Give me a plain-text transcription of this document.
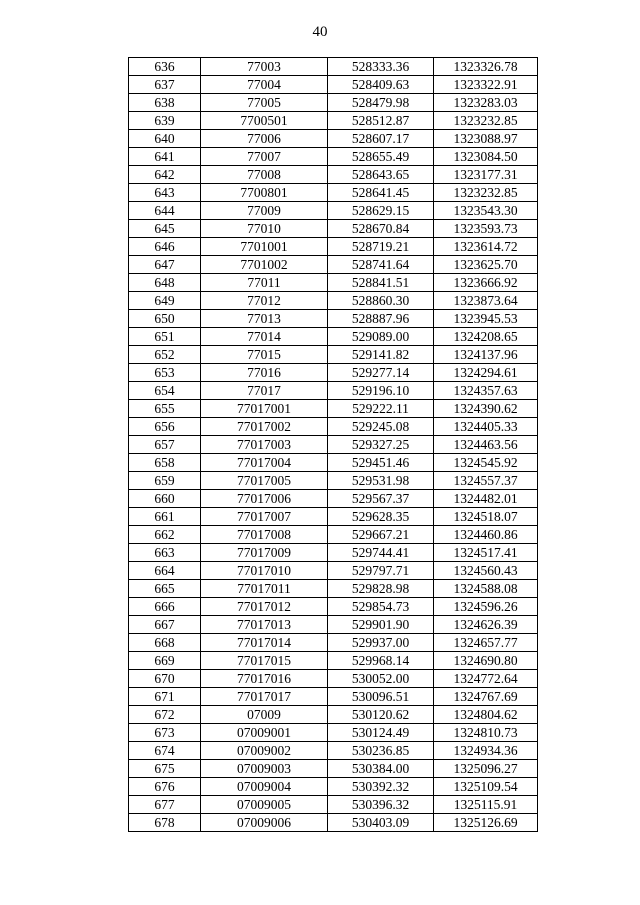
40
636	77003	528333.36	1323326.78
637	77004	528409.63	1323322.91
638	77005	528479.98	1323283.03
639	7700501	528512.87	1323232.85
640	77006	528607.17	1323088.97
641	77007	528655.49	1323084.50
642	77008	528643.65	1323177.31
643	7700801	528641.45	1323232.85
644	77009	528629.15	1323543.30
645	77010	528670.84	1323593.73
646	7701001	528719.21	1323614.72
647	7701002	528741.64	1323625.70
648	77011	528841.51	1323666.92
649	77012	528860.30	1323873.64
650	77013	528887.96	1323945.53
651	77014	529089.00	1324208.65
652	77015	529141.82	1324137.96
653	77016	529277.14	1324294.61
654	77017	529196.10	1324357.63
655	77017001	529222.11	1324390.62
656	77017002	529245.08	1324405.33
657	77017003	529327.25	1324463.56
658	77017004	529451.46	1324545.92
659	77017005	529531.98	1324557.37
660	77017006	529567.37	1324482.01
661	77017007	529628.35	1324518.07
662	77017008	529667.21	1324460.86
663	77017009	529744.41	1324517.41
664	77017010	529797.71	1324560.43
665	77017011	529828.98	1324588.08
666	77017012	529854.73	1324596.26
667	77017013	529901.90	1324626.39
668	77017014	529937.00	1324657.77
669	77017015	529968.14	1324690.80
670	77017016	530052.00	1324772.64
671	77017017	530096.51	1324767.69
672	07009	530120.62	1324804.62
673	07009001	530124.49	1324810.73
674	07009002	530236.85	1324934.36
675	07009003	530384.00	1325096.27
676	07009004	530392.32	1325109.54
677	07009005	530396.32	1325115.91
678	07009006	530403.09	1325126.69
